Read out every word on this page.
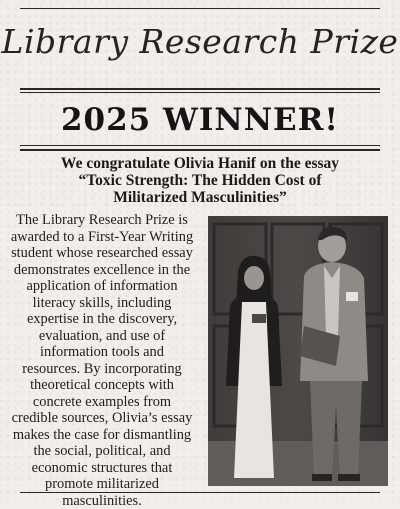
Library Research Prize
2025 WINNER!
We congratulate Olivia Hanif on the essay
“Toxic Strength: The Hidden Cost of
Militarized Masculinities”
The Library Research Prize is awarded to a First-Year Writing student whose researched essay demonstrates excellence in the application of information literacy skills, including expertise in the discovery, evaluation, and use of information tools and resources. By incorporating theoretical concepts with concrete examples from credible sources, Olivia’s essay makes the case for dismantling the social, political, and economic structures that promote militarized masculinities.
